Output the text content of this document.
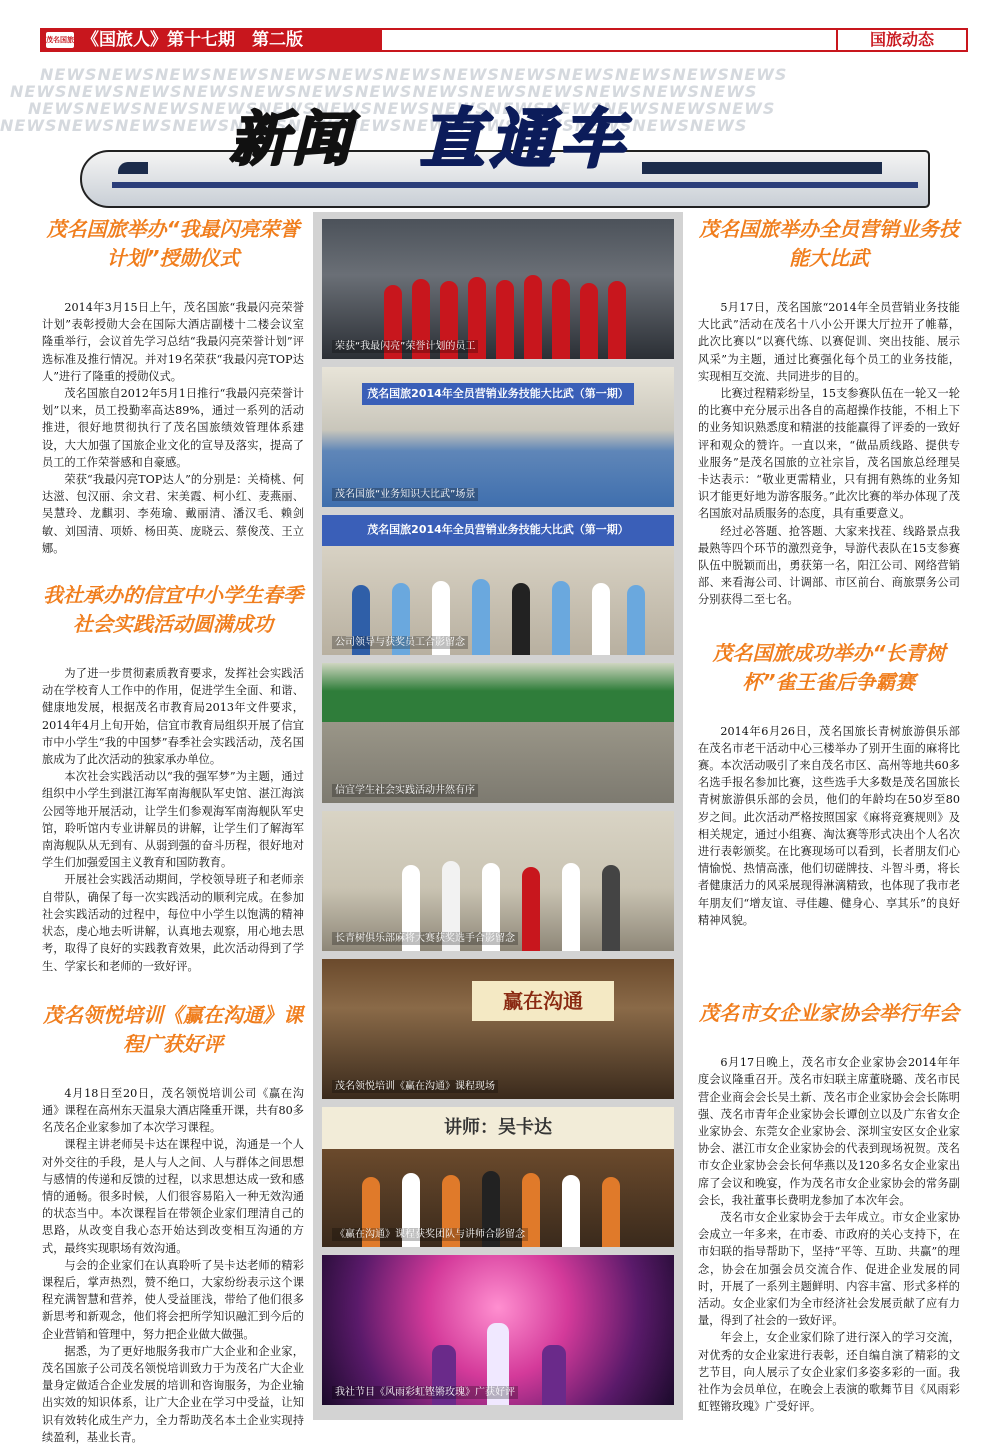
茂名国旅 《国旅人》第十七期　第二版	国旅动态
NEWSNEWSNEWSNEWSNEWSNEWSNEWSNEWSNEWSNEWSNEWSNEWSNEWS
NEWSNEWSNEWSNEWSNEWSNEWSNEWSNEWSNEWSNEWSNEWSNEWSNEWS
NEWSNEWSNEWSNEWSNEWSNEWSNEWSNEWSNEWSNEWSNEWSNEWSNEWS
NEWSNEWSNEWSNEWSNEWSNEWSNEWSNEWSNEWSNEWSNEWSNEWSNEWS
新闻 直通车
茂名国旅举办“我最闪亮荣誉计划”授勋仪式

2014年3月15日上午，茂名国旅“我最闪亮荣誉计划”表彰授勋大会在国际大酒店副楼十二楼会议室隆重举行，会议首先学习总结“我最闪亮荣誉计划”评选标准及推行情况。并对19名荣获“我最闪亮TOP达人”进行了隆重的授勋仪式。

茂名国旅自2012年5月1日推行“我最闪亮荣誉计划”以来，员工投勤率高达89%，通过一系列的活动推进，很好地贯彻执行了茂名国旅绩效管理体系建设，大大加强了国旅企业文化的宣导及落实，提高了员工的工作荣誉感和自豪感。

荣获“我最闪亮TOP达人”的分别是：关椅桃、何达滋、包汉丽、余文君、宋美霞、柯小红、麦燕丽、吴慧玲、龙麒羽、李苑瑜、戴丽清、潘汉毛、赖剑敏、刘国清、项娇、杨田英、庞晓云、蔡俊茂、王立娜。

我社承办的信宜中小学生春季社会实践活动圆满成功

为了进一步贯彻素质教育要求，发挥社会实践活动在学校育人工作中的作用，促进学生全面、和谐、健康地发展，根据茂名市教育局2013年文件要求，2014年4月上旬开始，信宜市教育局组织开展了信宜市中小学生“我的中国梦”春季社会实践活动，茂名国旅成为了此次活动的独家承办单位。

本次社会实践活动以“我的强军梦”为主题，通过组织中小学生到湛江海军南海舰队军史馆、湛江海滨公园等地开展活动，让学生们参观海军南海舰队军史馆，聆听馆内专业讲解员的讲解，让学生们了解海军南海舰队从无到有、从弱到强的奋斗历程，很好地对学生们加强爱国主义教育和国防教育。

开展社会实践活动期间，学校领导班子和老师亲自带队，确保了每一次实践活动的顺利完成。在参加社会实践活动的过程中，每位中小学生以饱满的精神状态，虔心地去听讲解，认真地去观察，用心地去思考，取得了良好的实践教育效果，此次活动得到了学生、学家长和老师的一致好评。

茂名领悦培训《赢在沟通》课程广获好评

4月18日至20日，茂名领悦培训公司《赢在沟通》课程在高州东天温泉大酒店隆重开课，共有80多名茂名企业家参加了本次学习课程。

课程主讲老师吴卡达在课程中说，沟通是一个人对外交往的手段，是人与人之间、人与群体之间思想与感情的传递和反馈的过程，以求思想达成一致和感情的通畅。很多时候，人们很容易陷入一种无效沟通的状态当中。本次课程旨在带领企业家们理清自己的思路，从改变自我心态开始达到改变相互沟通的方式，最终实现职场有效沟通。

与会的企业家们在认真聆听了吴卡达老师的精彩课程后，掌声热烈，赞不绝口，大家纷纷表示这个课程充满智慧和营养，使人受益匪浅，带给了他们很多新思考和新观念，他们将会把所学知识融汇到今后的企业营销和管理中，努力把企业做大做强。

据悉，为了更好地服务我市广大企业和企业家，茂名国旅子公司茂名领悦培训致力于为茂名广大企业量身定做适合企业发展的培训和咨询服务，为企业输出实效的知识体系，让广大企业在学习中受益，让知识有效转化成生产力，全力帮助茂名本土企业实现持续盈利，基业长青。

荣获“我最闪亮”荣誉计划的员工
茂名国旅2014年全员营销业务技能大比武（第一期）
茂名国旅“业务知识大比武”场景
茂名国旅2014年全员营销业务技能大比武（第一期）
公司领导与获奖员工合影留念
信宜学生社会实践活动井然有序
长青树俱乐部麻将大赛获奖选手合影留念
赢在沟通
茂名领悦培训《赢在沟通》课程现场
讲师：吴卡达
《赢在沟通》课程获奖团队与讲师合影留念
我社节目《风雨彩虹铿锵玫瑰》广获好评
茂名国旅举办全员营销业务技能大比武

5月17日，茂名国旅“2014年全员营销业务技能大比武”活动在茂名十八小公开课大厅拉开了帷幕，此次比赛以“以赛代练、以赛促训、突出技能、展示风采”为主题，通过比赛强化每个员工的业务技能，实现相互交流、共同进步的目的。

比赛过程精彩纷呈，15支参赛队伍在一轮又一轮的比赛中充分展示出各自的高超操作技能，不相上下的业务知识熟悉度和精湛的技能赢得了评委的一致好评和观众的赞许。一直以来，“做品质线路、提供专业服务”是茂名国旅的立社宗旨，茂名国旅总经理吴卡达表示：“敬业更需精业，只有拥有熟练的业务知识才能更好地为游客服务。”此次比赛的举办体现了茂名国旅对品质服务的态度，具有重要意义。

经过必答题、抢答题、大家来找茬、线路景点我最熟等四个环节的激烈竞争，导游代表队在15支参赛队伍中脱颖而出，勇获第一名，阳江公司、网络营销部、来看海公司、计调部、市区前台、商旅票务公司分别获得二至七名。

茂名国旅成功举办“长青树杯”雀王雀后争霸赛

2014年6月26日，茂名国旅长青树旅游俱乐部在茂名市老干活动中心三楼举办了别开生面的麻将比赛。本次活动吸引了来自茂名市区、高州等地共60多名选手报名参加比赛，这些选手大多数是茂名国旅长青树旅游俱乐部的会员，他们的年龄均在50岁至80岁之间。此次活动严格按照国家《麻将竞赛规则》及相关规定，通过小组赛、淘汰赛等形式决出个人名次进行表彰颁奖。在比赛现场可以看到，长者朋友们心情愉悦、热情高涨，他们切磋牌技、斗智斗勇，将长者健康活力的风采展现得淋漓精致，也体现了我市老年朋友们“增友谊、寻佳趣、健身心、享其乐”的良好精神风貌。

茂名市女企业家协会举行年会

6月17日晚上，茂名市女企业家协会2014年年度会议隆重召开。茂名市妇联主席董晓璐、茂名市民营企业商会会长吴土新、茂名市企业家协会会长陈明强、茂名市青年企业家协会长谭创立以及广东省女企业家协会、东莞女企业家协会、深圳宝安区女企业家协会、湛江市女企业家协会的代表到现场祝贺。茂名市女企业家协会会长何华燕以及120多名女企业家出席了会议和晚宴，作为茂名市女企业家协会的常务副会长，我社董事长费明龙参加了本次年会。

茂名市女企业家协会于去年成立。市女企业家协会成立一年多来，在市委、市政府的关心支持下，在市妇联的指导帮助下，坚持“平等、互助、共赢”的理念，协会在加强会员交流合作、促进企业发展的同时，开展了一系列主题鲜明、内容丰富、形式多样的活动。女企业家们为全市经济社会发展贡献了应有力量，得到了社会的一致好评。

年会上，女企业家们除了进行深入的学习交流，对优秀的女企业家进行表彰，还自编自演了精彩的文艺节目，向人展示了女企业家们多姿多彩的一面。我社作为会员单位，在晚会上表演的歌舞节目《风雨彩虹铿锵玫瑰》广受好评。
